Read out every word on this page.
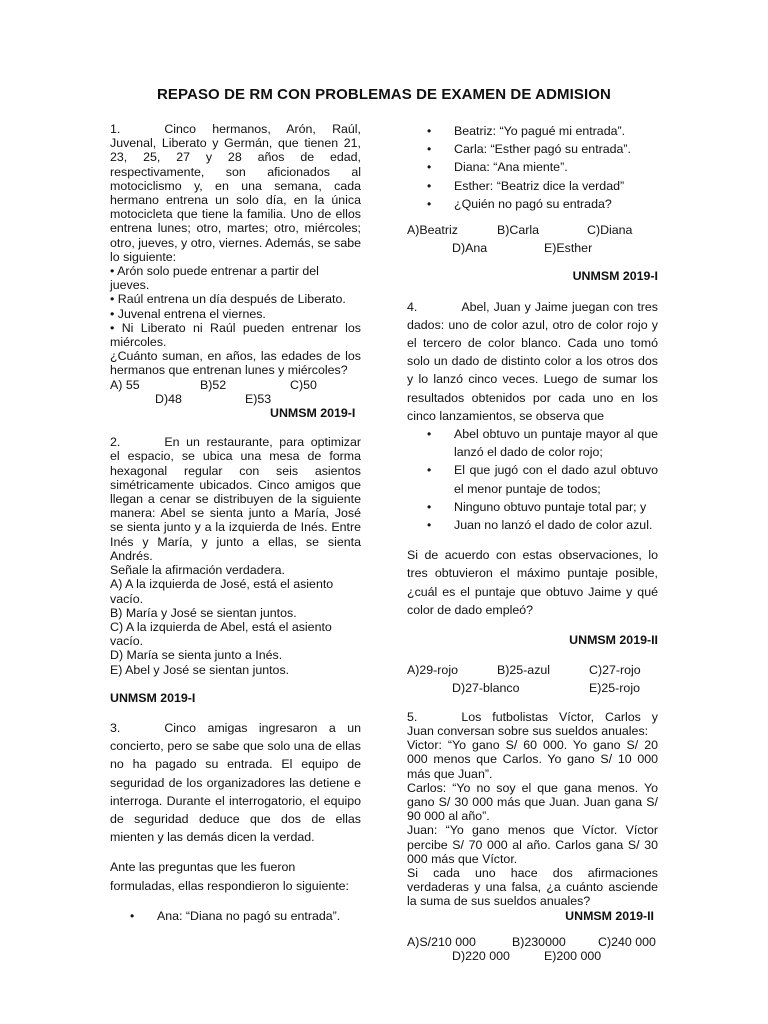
REPASO DE RM CON PROBLEMAS DE EXAMEN DE ADMISION

1.	Cinco hermanos, Arón, Raúl, Juvenal, Liberato y Germán, que tienen 21, 23, 25, 27 y 28 años de edad, respectivamente, son aficionados al motociclismo y, en una semana, cada hermano entrena un solo día, en la única motocicleta que tiene la familia. Uno de ellos entrena lunes; otro, martes; otro, miércoles; otro, jueves, y otro, viernes. Además, se sabe lo siguiente:

• Arón solo puede entrenar a partir del jueves.

• Raúl entrena un día después de Liberato.

• Juvenal entrena el viernes.

• Ni Liberato ni Raúl pueden entrenar los miércoles.

¿Cuánto suman, en años, las edades de los hermanos que entrenan lunes y miércoles?

A) 55	B)52	C)50
D)48	E)53

UNMSM 2019-I

2.	En un restaurante, para optimizar el espacio, se ubica una mesa de forma hexagonal regular con seis asientos simétricamente ubicados. Cinco amigos que llegan a cenar se distribuyen de la siguiente manera: Abel se sienta junto a María, José se sienta junto y a la izquierda de Inés. Entre Inés y María, y junto a ellas, se sienta Andrés.

Señale la afirmación verdadera.

A) A la izquierda de José, está el asiento vacío.

B) María y José se sientan juntos.

C) A la izquierda de Abel, está el asiento vacío.

D) María se sienta junto a Inés.

E) Abel y José se sientan juntos.

UNMSM 2019-I

3.	Cinco amigas ingresaron a un concierto, pero se sabe que solo una de ellas no ha pagado su entrada. El equipo de seguridad de los organizadores las detiene e interroga. Durante el interrogatorio, el equipo de seguridad deduce que dos de ellas mienten y las demás dicen la verdad.

Ante las preguntas que les fueron formuladas, ellas respondieron lo siguiente:

• Ana: “Diana no pagó su entrada”.
• Beatriz: “Yo pagué mi entrada”.
• Carla: “Esther pagó su entrada”.
• Diana: “Ana miente”.
• Esther: “Beatriz dice la verdad”
• ¿Quién no pagó su entrada?
A)Beatriz	B)Carla	C)Diana
D)Ana	E)Esther

UNMSM 2019-I

4.	Abel, Juan y Jaime juegan con tres dados: uno de color azul, otro de color rojo y el tercero de color blanco. Cada uno tomó solo un dado de distinto color a los otros dos y lo lanzó cinco veces. Luego de sumar los resultados obtenidos por cada uno en los cinco lanzamientos, se observa que

• Abel obtuvo un puntaje mayor al que lanzó el dado de color rojo;
• El que jugó con el dado azul obtuvo el menor puntaje de todos;
• Ninguno obtuvo puntaje total par; y
• Juan no lanzó el dado de color azul.

Si de acuerdo con estas observaciones, lo tres obtuvieron el máximo puntaje posible, ¿cuál es el puntaje que obtuvo Jaime y qué color de dado empleó?

UNMSM 2019-II

A)29-rojo	B)25-azul	C)27-rojo
D)27-blanco	E)25-rojo

5.	Los futbolistas Víctor, Carlos y Juan conversan sobre sus sueldos anuales:

Victor: “Yo gano S/ 60 000. Yo gano S/ 20 000 menos que Carlos. Yo gano S/ 10 000 más que Juan”.

Carlos: “Yo no soy el que gana menos. Yo gano S/ 30 000 más que Juan. Juan gana S/ 90 000 al año”.

Juan: “Yo gano menos que Víctor. Víctor percibe S/ 70 000 al año. Carlos gana S/ 30 000 más que Víctor.

Si cada uno hace dos afirmaciones verdaderas y una falsa, ¿a cuánto asciende la suma de sus sueldos anuales?

UNMSM 2019-II

A)S/210 000	B)230000	C)240 000
D)220 000	E)200 000
